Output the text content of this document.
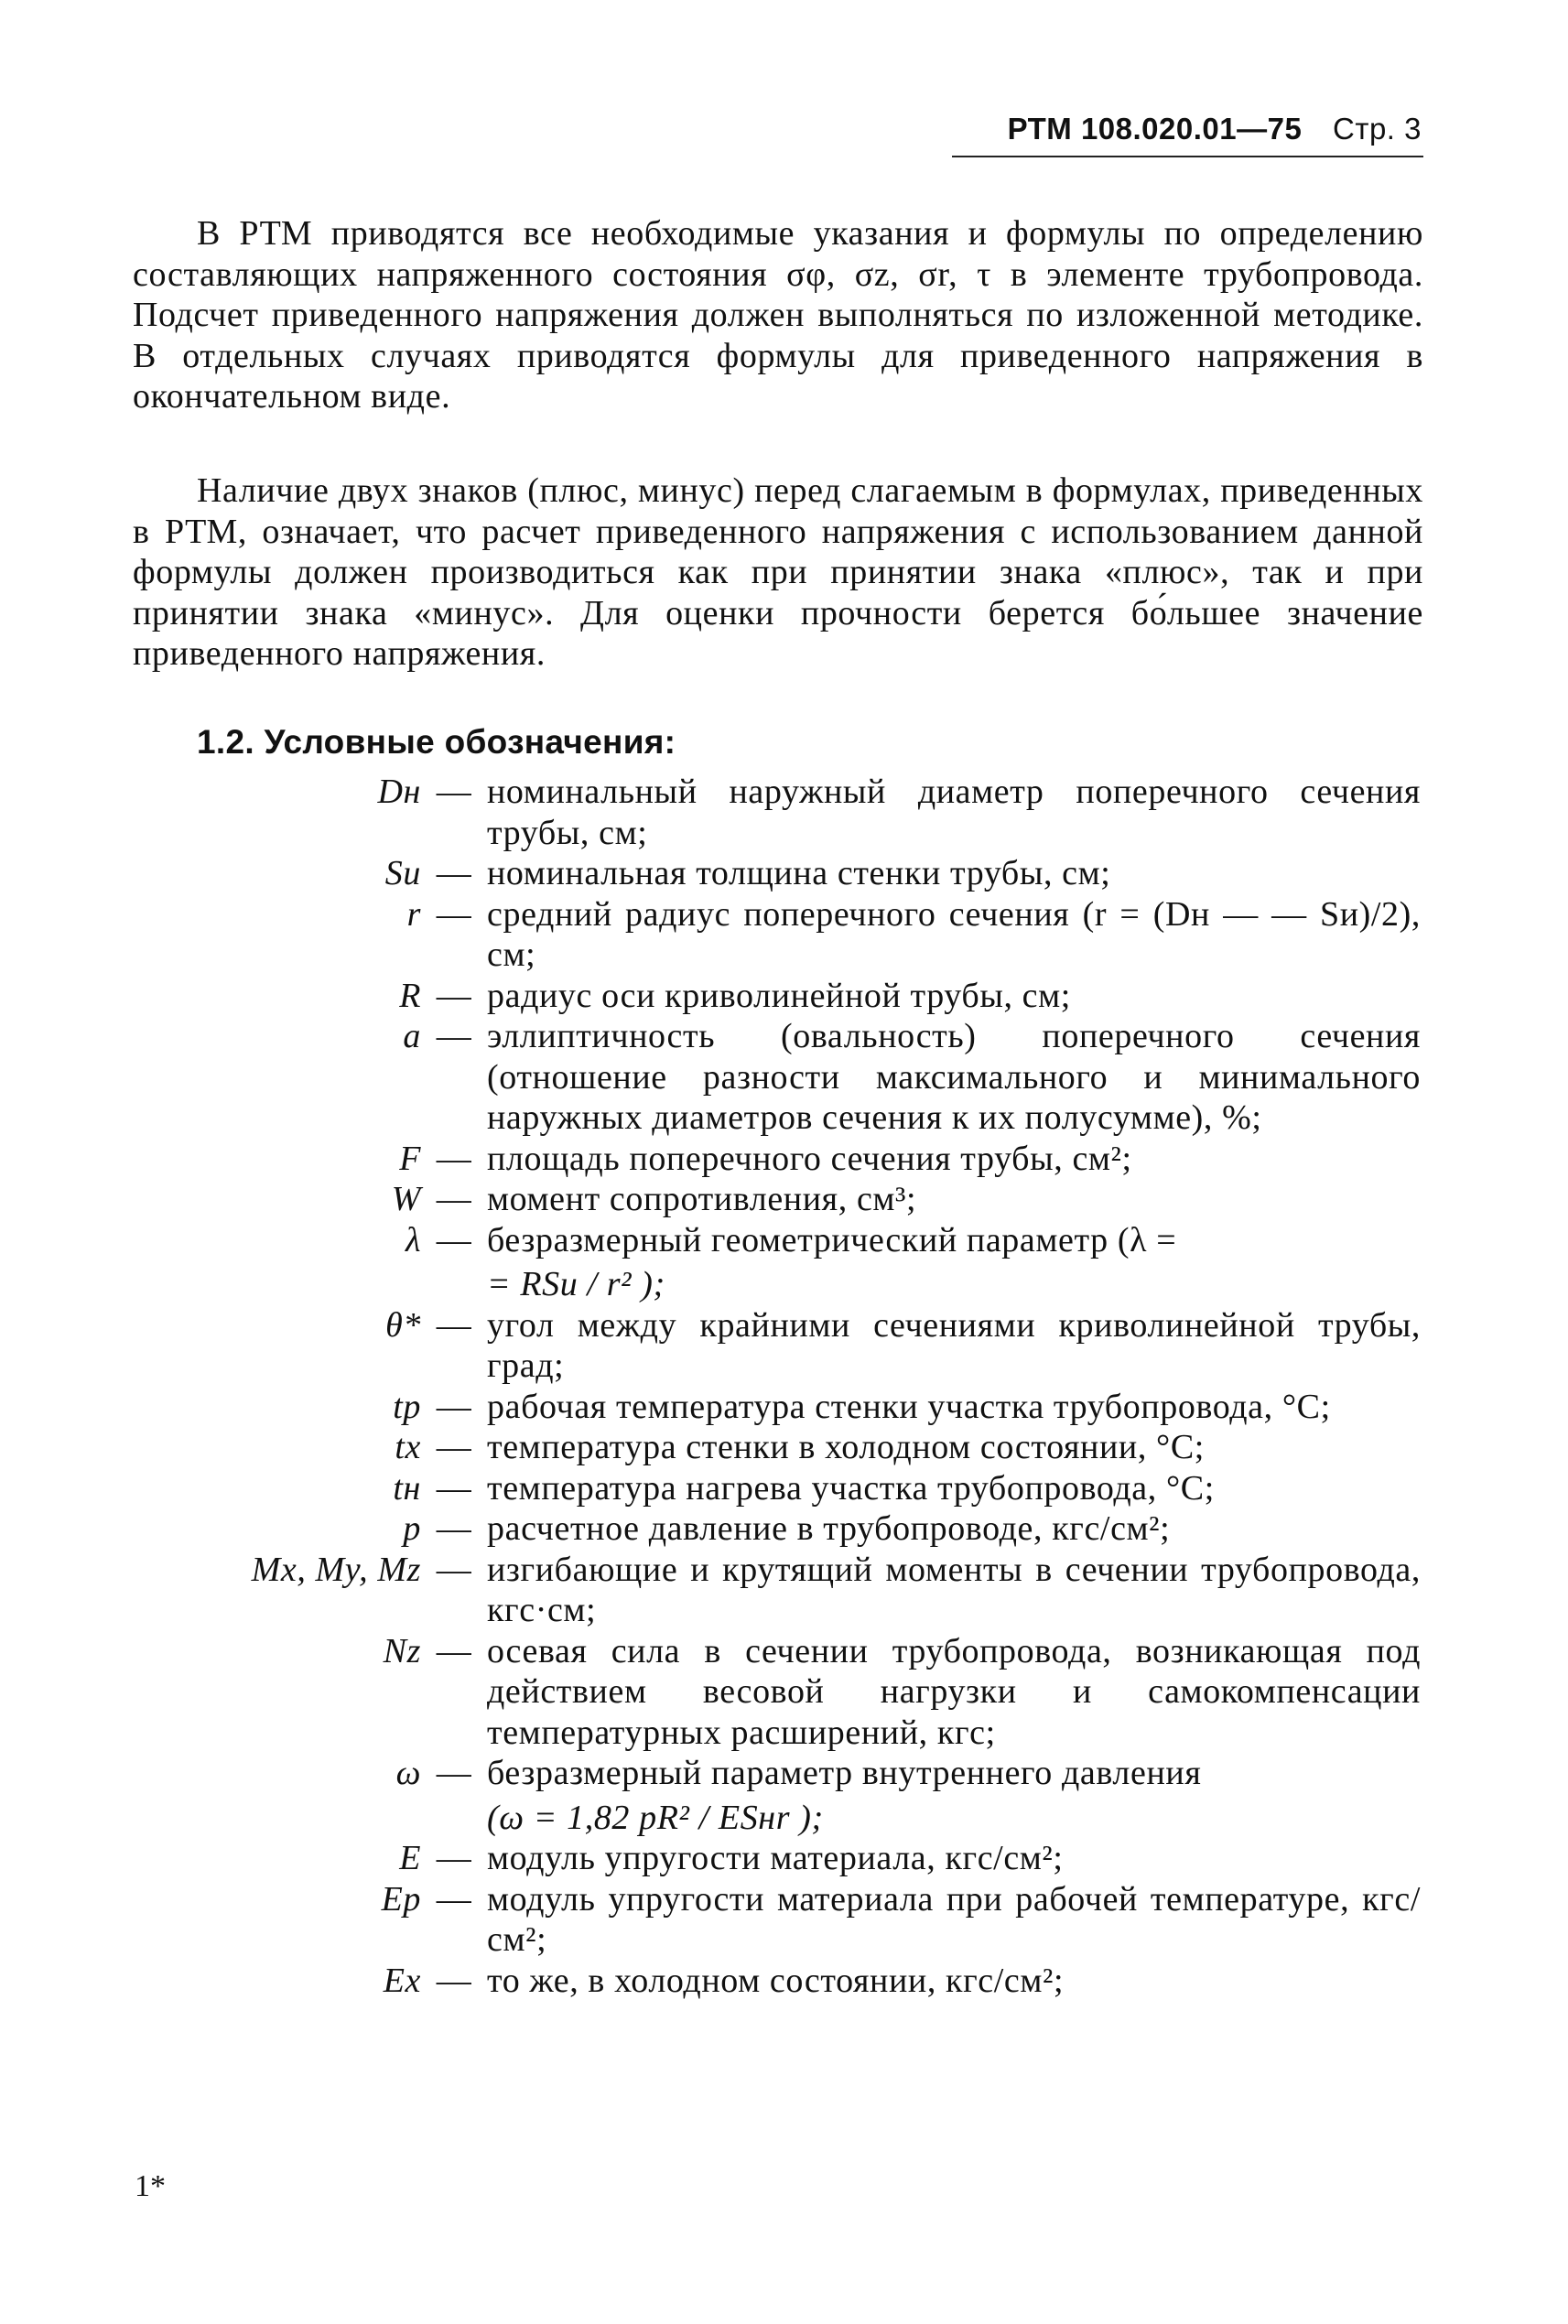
РТМ 108.020.01—75 Стр. 3

В РТМ приводятся все необходимые указания и формулы по определению составляющих напряженного состояния σφ, σz, σr, τ в элементе трубопровода. Подсчет приведенного напряжения должен выполняться по изложенной методике. В отдельных случаях приводятся формулы для приведенного напряжения в окончательном виде.

Наличие двух знаков (плюс, минус) перед слагаемым в формулах, приведенных в РТМ, означает, что расчет приведенного напряжения с использованием данной формулы должен производиться как при принятии знака «плюс», так и при принятии знака «минус». Для оценки прочности берется бо́льшее значение приведенного напряжения.

1.2. Условные обозначения:
Dн — номинальный наружный диаметр поперечного сечения трубы, см;
Sи — номинальная толщина стенки трубы, см;
r — средний радиус поперечного сечения (r = (Dн — — Sи)/2), см;
R — радиус оси криволинейной трубы, см;
a — эллиптичность (овальность) поперечного сечения (отношение разности максимального и минимального наружных диаметров сечения к их полусумме), %;
F — площадь поперечного сечения трубы, см²;
W — момент сопротивления, см³;
λ — безразмерный геометрический параметр (λ =
= RSи / r² );
θ* — угол между крайними сечениями криволинейной трубы, град;
tр — рабочая температура стенки участка трубопровода, °С;
tх — температура стенки в холодном состоянии, °С;
tн — температура нагрева участка трубопровода, °С;
p — расчетное давление в трубопроводе, кгс/см²;
Mx, My, Mz — изгибающие и крутящий моменты в сечении трубопровода, кгс·см;
Nz — осевая сила в сечении трубопровода, возникающая под действием весовой нагрузки и самокомпенсации температурных расширений, кгс;
ω — безразмерный параметр внутреннего давления
(ω = 1,82 pR² / ESнr );
E — модуль упругости материала, кгс/см²;
Eр — модуль упругости материала при рабочей температуре, кгс/см²;
Ex — то же, в холодном состоянии, кгс/см²;
1*
